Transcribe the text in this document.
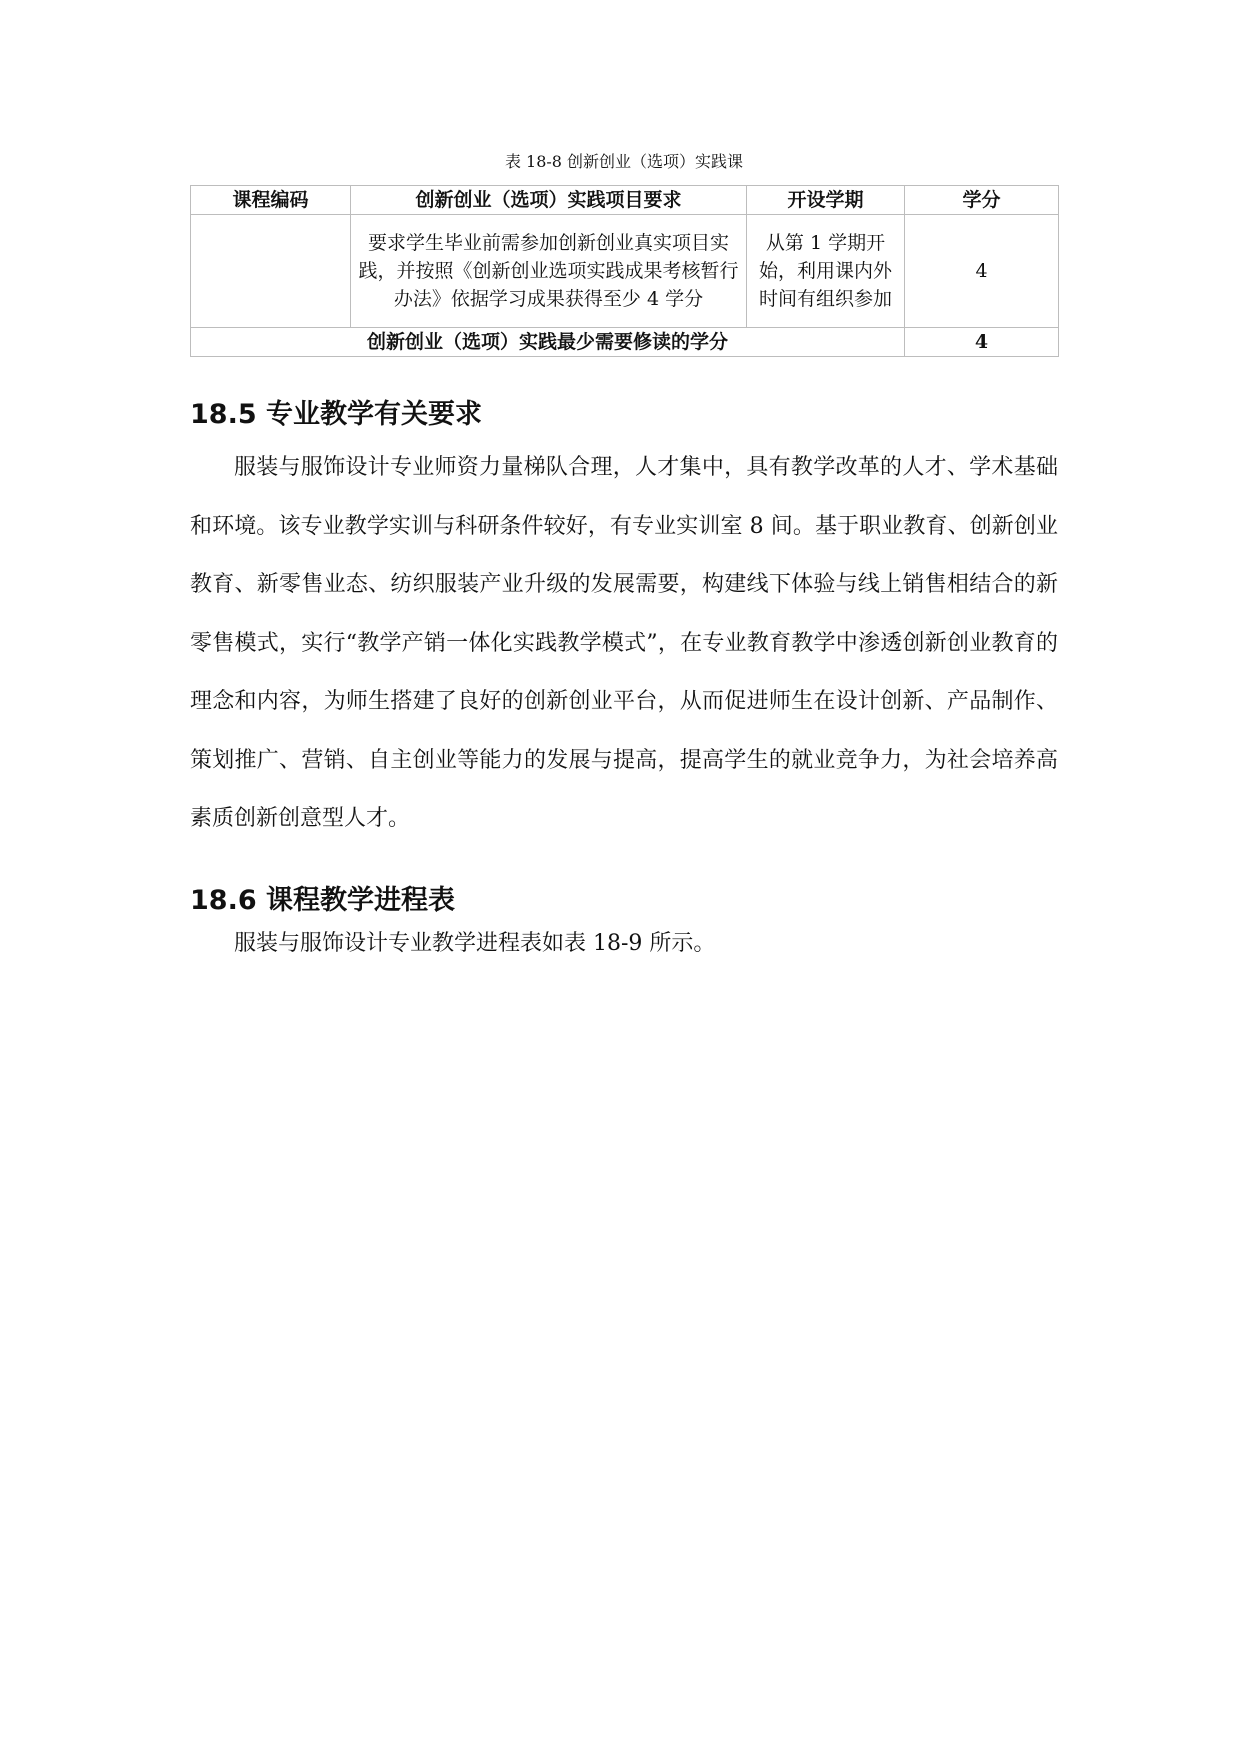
表 18-8 创新创业（选项）实践课
课程编码	创新创业（选项）实践项目要求	开设学期	学分
	要求学生毕业前需参加创新创业真实项目实践，并按照《创新创业选项实践成果考核暂行办法》依据学习成果获得至少 4 学分	从第 1 学期开始，利用课内外时间有组织参加	4
创新创业（选项）实践最少需要修读的学分			4
18.5 专业教学有关要求

服装与服饰设计专业师资力量梯队合理，人才集中，具有教学改革的人才、学术基础和环境。该专业教学实训与科研条件较好，有专业实训室 8 间。基于职业教育、创新创业教育、新零售业态、纺织服装产业升级的发展需要，构建线下体验与线上销售相结合的新零售模式，实行“教学产销一体化实践教学模式”，在专业教育教学中渗透创新创业教育的理念和内容，为师生搭建了良好的创新创业平台，从而促进师生在设计创新、产品制作、策划推广、营销、自主创业等能力的发展与提高，提高学生的就业竞争力，为社会培养高素质创新创意型人才。

18.6 课程教学进程表

服装与服饰设计专业教学进程表如表 18-9 所示。
